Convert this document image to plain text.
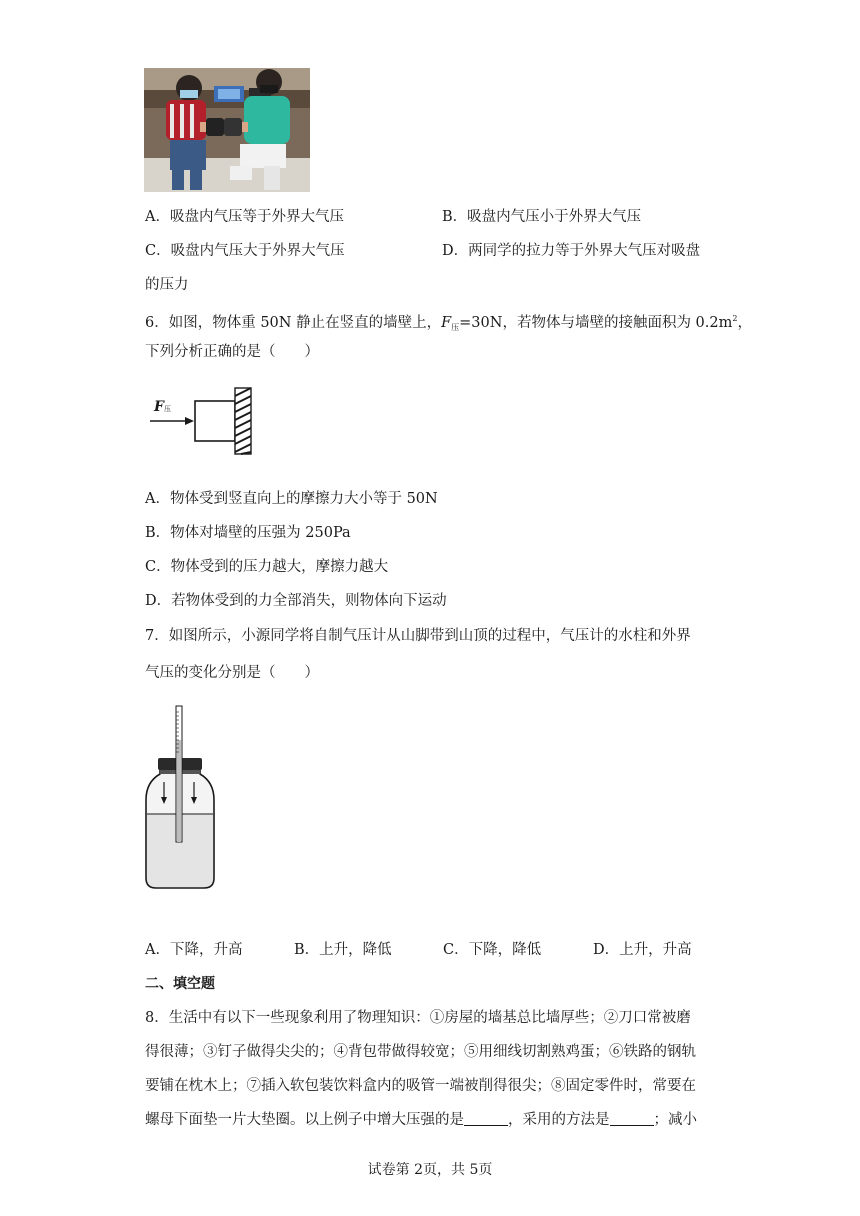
A．吸盘内气压等于外界大气压	B．吸盘内气压小于外界大气压
C．吸盘内气压大于外界大气压	D．两同学的拉力等于外界大气压对吸盘
的压力
6．如图，物体重 50N 静止在竖直的墙壁上，$F_压=30N$，若物体与墙壁的接触面积为 $0.2m^2$，
下列分析正确的是（　　）
F压
A．物体受到竖直向上的摩擦力大小等于 50N
B．物体对墙壁的压强为 250Pa
C．物体受到的压力越大，摩擦力越大
D．若物体受到的力全部消失，则物体向下运动
7．如图所示，小源同学将自制气压计从山脚带到山顶的过程中，气压计的水柱和外界
气压的变化分别是（　　）
A．下降，升高	B．上升，降低	C．下降，降低	D．上升，升高
二、填空题
8．生活中有以下一些现象利用了物理知识：①房屋的墙基总比墙厚些；②刀口常被磨
得很薄；③钉子做得尖尖的；④背包带做得较宽；⑤用细线切割熟鸡蛋；⑥铁路的钢轨
要铺在枕木上；⑦插入软包装饮料盒内的吸管一端被削得很尖；⑧固定零件时，常要在
螺母下面垫一片大垫圈。以上例子中增大压强的是	，采用的方法是	；减小
试卷第 2页，共 5页
